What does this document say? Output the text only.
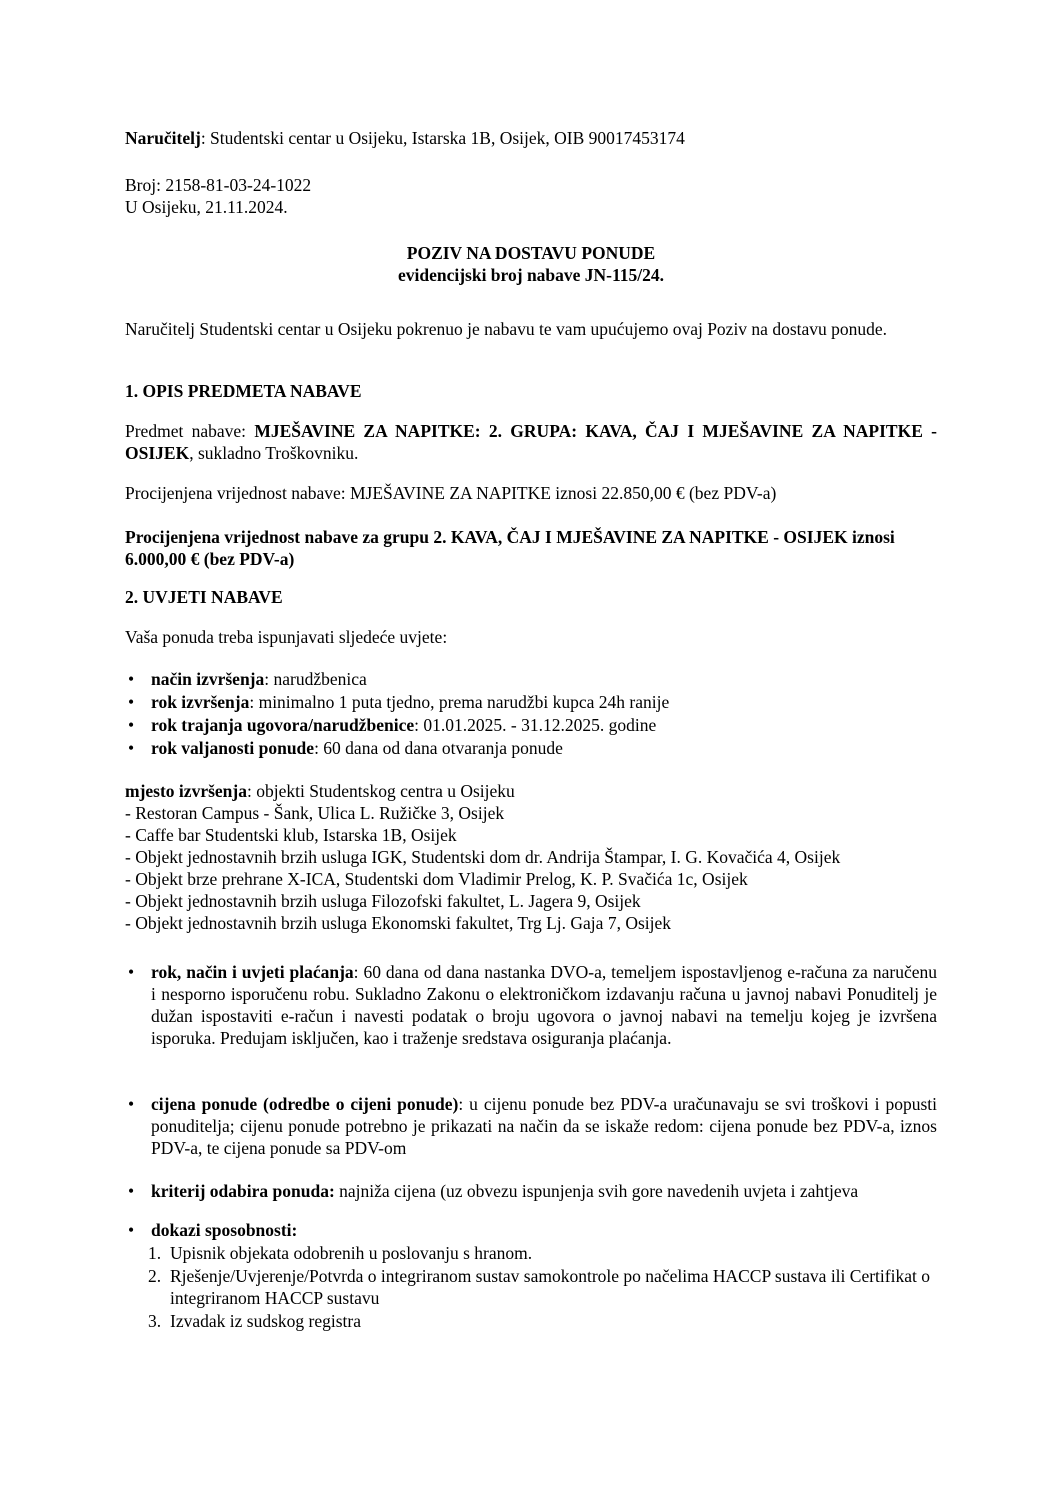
Naručitelj: Studentski centar u Osijeku, Istarska 1B, Osijek, OIB 90017453174

Broj: 2158-81-03-24-1022

U Osijeku, 21.11.2024.

POZIV NA DOSTAVU PONUDE

evidencijski broj nabave JN-115/24.

Naručitelj Studentski centar u Osijeku pokrenuo je nabavu te vam upućujemo ovaj Poziv na dostavu ponude.

1. OPIS PREDMETA NABAVE

Predmet nabave: MJEŠAVINE ZA NAPITKE: 2. GRUPA: KAVA, ČAJ I MJEŠAVINE ZA NAPITKE - OSIJEK, sukladno Troškovniku.

Procijenjena vrijednost nabave: MJEŠAVINE ZA NAPITKE iznosi 22.850,00 € (bez PDV-a)

Procijenjena vrijednost nabave za grupu 2. KAVA, ČAJ I MJEŠAVINE ZA NAPITKE - OSIJEK iznosi 6.000,00 € (bez PDV-a)

2. UVJETI NABAVE

Vaša ponuda treba ispunjavati sljedeće uvjete:

• način izvršenja: narudžbenica
• rok izvršenja: minimalno 1 puta tjedno, prema narudžbi kupca 24h ranije
• rok trajanja ugovora/narudžbenice: 01.01.2025. - 31.12.2025. godine
• rok valjanosti ponude: 60 dana od dana otvaranja ponude

mjesto izvršenja: objekti Studentskog centra u Osijeku

- Restoran Campus - Šank, Ulica L. Ružičke 3, Osijek

- Caffe bar Studentski klub, Istarska 1B, Osijek

- Objekt jednostavnih brzih usluga IGK, Studentski dom dr. Andrija Štampar, I. G. Kovačića 4, Osijek

- Objekt brze prehrane X-ICA, Studentski dom Vladimir Prelog, K. P. Svačića 1c, Osijek

- Objekt jednostavnih brzih usluga Filozofski fakultet, L. Jagera 9, Osijek

- Objekt jednostavnih brzih usluga Ekonomski fakultet, Trg Lj. Gaja 7, Osijek

• rok, način i uvjeti plaćanja: 60 dana od dana nastanka DVO-a, temeljem ispostavljenog e-računa za naručenu i nesporno isporučenu robu. Sukladno Zakonu o elektroničkom izdavanju računa u javnoj nabavi Ponuditelj je dužan ispostaviti e-račun i navesti podatak o broju ugovora o javnoj nabavi na temelju kojeg je izvršena isporuka. Predujam isključen, kao i traženje sredstava osiguranja plaćanja.
• cijena ponude (odredbe o cijeni ponude): u cijenu ponude bez PDV-a uračunavaju se svi troškovi i popusti ponuditelja; cijenu ponude potrebno je prikazati na način da se iskaže redom: cijena ponude bez PDV-a, iznos PDV-a, te cijena ponude sa PDV-om
• kriterij odabira ponuda: najniža cijena (uz obvezu ispunjenja svih gore navedenih uvjeta i zahtjeva
• dokazi sposobnosti:
1. Upisnik objekata odobrenih u poslovanju s hranom.
2. Rješenje/Uvjerenje/Potvrda o integriranom sustav samokontrole po načelima HACCP sustava ili Certifikat o integriranom HACCP sustavu
3. Izvadak iz sudskog registra
